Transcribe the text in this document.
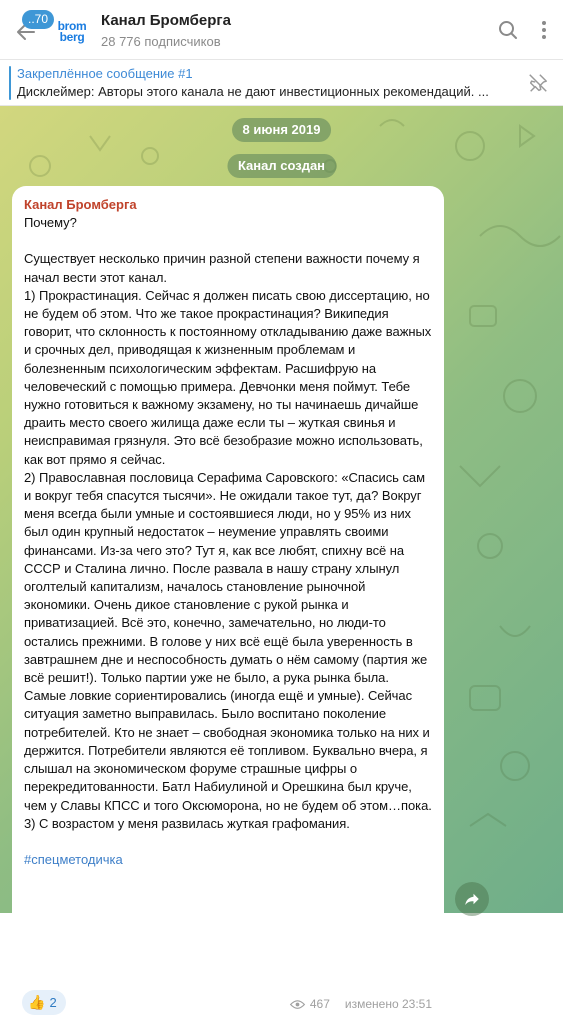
..70 brom
berg
Канал Бромберга
28 776 подписчиков
Закреплённое сообщение #1
Дисклеймер: Авторы этого канала не дают инвестиционных рекомендаций. ...
8 июня 2019
Канал создан
Канал Бромберга
Почему?

Существует несколько причин разной степени важности почему я начал вести этот канал.
1) Прокрастинация. Сейчас я должен писать свою диссертацию, но не будем об этом. Что же такое прокрастинация? Википедия говорит, что склонность к постоянному откладыванию даже важных и срочных дел, приводящая к жизненным проблемам и болезненным психологическим эффектам. Расшифрую на человеческий с помощью примера. Девчонки меня поймут. Тебе нужно готовиться к важному экзамену, но ты начинаешь дичайше драить место своего жилища даже если ты – жуткая свинья и неисправимая грязнуля. Это всё безобразие можно использовать, как вот прямо я сейчас.
2) Православная пословица Серафима Саровского: «Спасись сам и вокруг тебя спасутся тысячи». Не ожидали такое тут, да? Вокруг меня всегда были умные и состоявшиеся люди, но у 95% из них был один крупный недостаток – неумение управлять своими финансами. Из-за чего это? Тут я, как все любят, спихну всё на СССР и Сталина лично. После развала в нашу страну хлынул оголтелый капитализм, началось становление рыночной экономики. Очень дикое становление с рукой рынка и приватизацией. Всё это, конечно, замечательно, но люди-то остались прежними. В голове у них всё ещё была уверенность в завтрашнем дне и неспособность думать о нём самому (партия же всё решит!). Только партии уже не было, а рука рынка была. Самые ловкие сориентировались (иногда ещё и умные). Сейчас ситуация заметно выправилась. Было воспитано поколение потребителей. Кто не знает – свободная экономика только на них и держится. Потребители являются её топливом. Буквально вчера, я слышал на экономическом форуме страшные цифры о перекредитованности. Батл Набиулиной и Орешкина был круче, чем у Славы КПСС и того Оксюморона, но не будем об этом…пока.
3) С возрастом у меня развилась жуткая графомания.
#спецметодичка
👍 2	467 изменено 23:51
